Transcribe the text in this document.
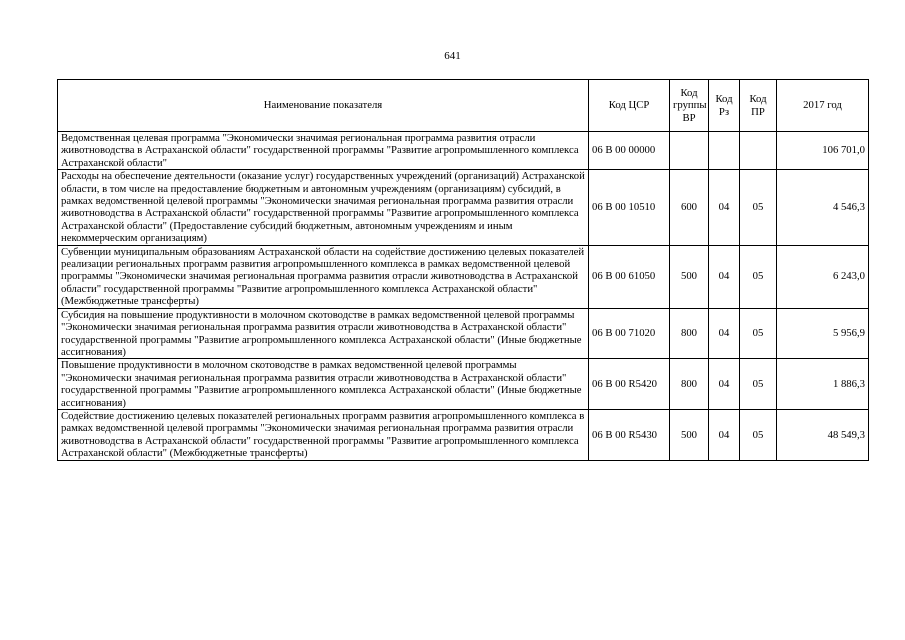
641
Наименование показателя	Код ЦСР	Код группы ВР	Код Рз	Код ПР	2017 год
Ведомственная целевая программа "Экономически значимая региональная программа развития отрасли животноводства в Астраханской области" государственной программы "Развитие агропромышленного комплекса Астраханской области"	06 В 00 00000				106 701,0
Расходы на обеспечение деятельности (оказание услуг) государственных учреждений (организаций) Астраханской области, в том числе на предоставление бюджетным и автономным учреждениям (организациям) субсидий, в рамках ведомственной целевой программы "Экономически значимая региональная программа развития отрасли животноводства в Астраханской области" государственной программы "Развитие агропромышленного комплекса Астраханской области" (Предоставление субсидий бюджетным, автономным учреждениям и иным некоммерческим организациям)	06 В 00 10510	600	04	05	4 546,3
Субвенции муниципальным образованиям Астраханской области на содействие достижению целевых показателей реализации региональных программ развития агропромышленного комплекса в рамках ведомственной целевой программы "Экономически значимая региональная программа развития отрасли животноводства в Астраханской области" государственной программы "Развитие агропромышленного комплекса Астраханской области" (Межбюджетные трансферты)	06 В 00 61050	500	04	05	6 243,0
Субсидия на повышение продуктивности в молочном скотоводстве в рамках ведомственной целевой программы "Экономически значимая региональная программа развития отрасли животноводства в Астраханской области" государственной программы "Развитие агропромышленного комплекса Астраханской области" (Иные бюджетные ассигнования)	06 В 00 71020	800	04	05	5 956,9
Повышение продуктивности в молочном скотоводстве в рамках ведомственной целевой программы "Экономически значимая региональная программа развития отрасли животноводства в Астраханской области" государственной программы "Развитие агропромышленного комплекса Астраханской области" (Иные бюджетные ассигнования)	06 В 00 R5420	800	04	05	1 886,3
Содействие достижению целевых показателей региональных программ развития агропромышленного комплекса в рамках ведомственной целевой программы "Экономически значимая региональная программа развития отрасли животноводства в Астраханской области" государственной программы "Развитие агропромышленного комплекса Астраханской области" (Межбюджетные трансферты)	06 В 00 R5430	500	04	05	48 549,3
